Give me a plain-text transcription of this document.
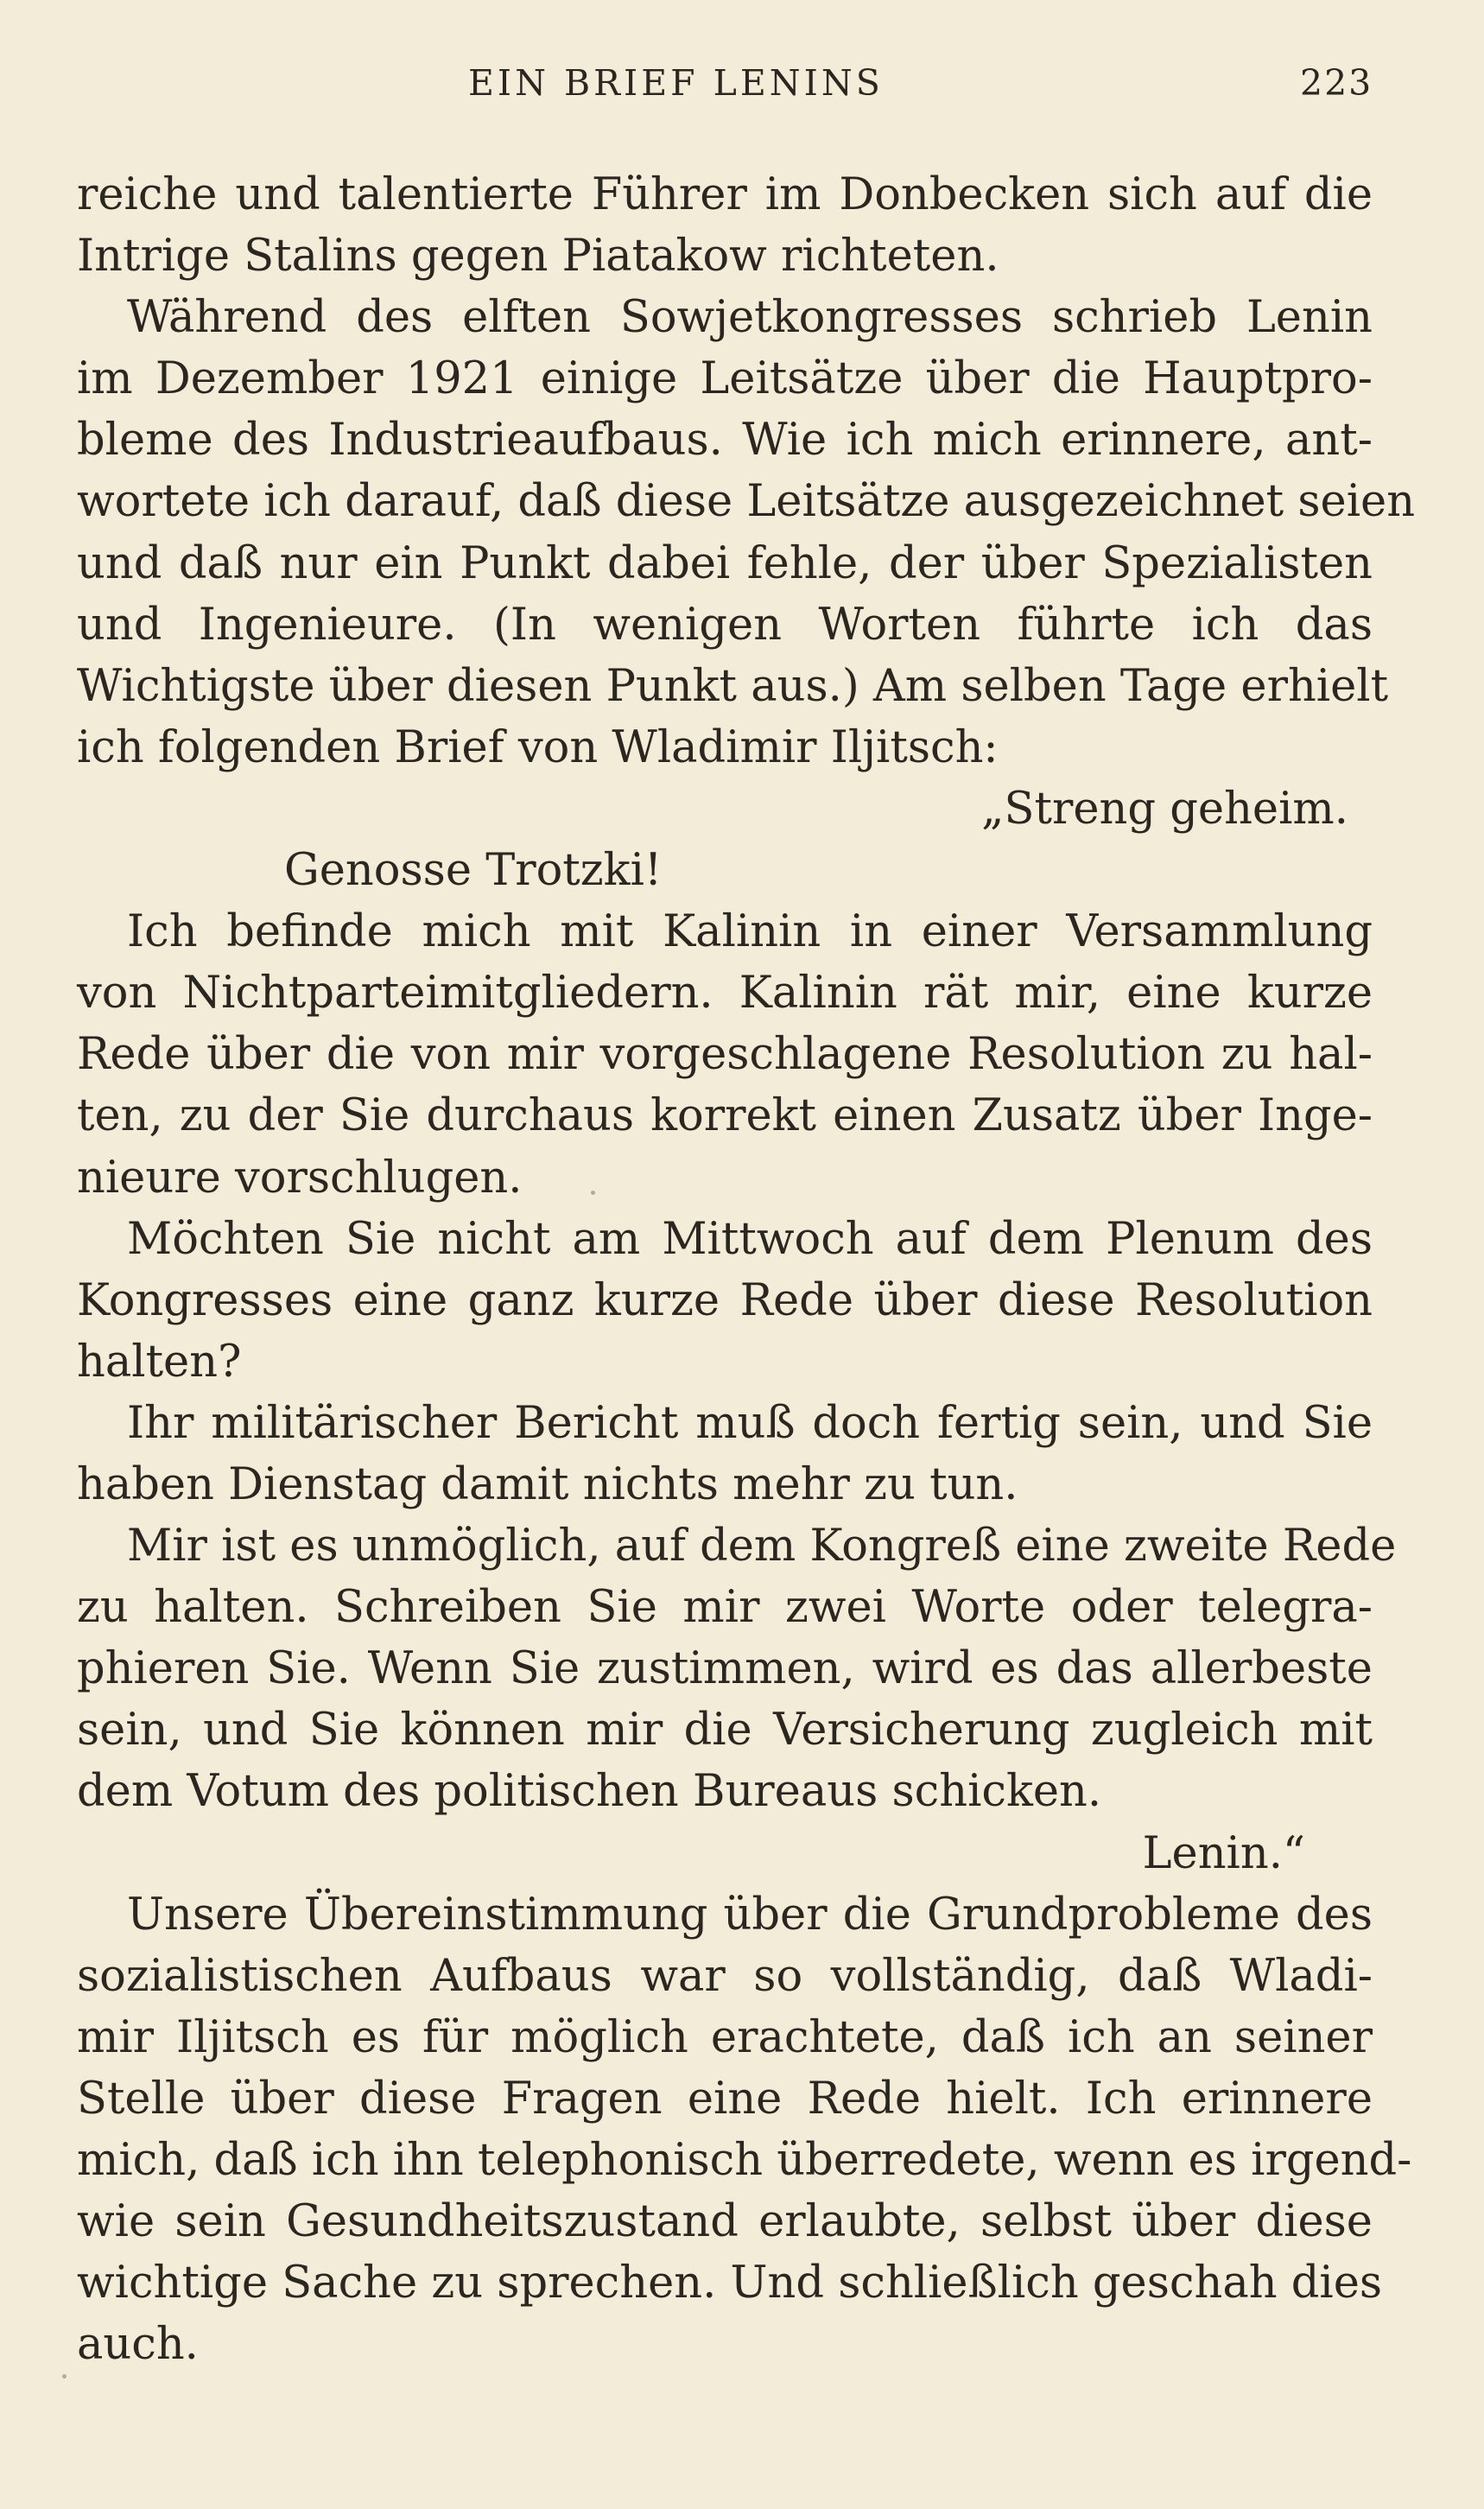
EIN BRIEF LENINS	223
reiche und talentierte Führer im Donbecken sich auf die
Intrige Stalins gegen Piatakow richteten.
Während des elften Sowjetkongresses schrieb Lenin
im Dezember 1921 einige Leitsätze über die Hauptpro-
bleme des Industrieaufbaus. Wie ich mich erinnere, ant-
wortete ich darauf, daß diese Leitsätze ausgezeichnet seien
und daß nur ein Punkt dabei fehle, der über Spezialisten
und Ingenieure. (In wenigen Worten führte ich das
Wichtigste über diesen Punkt aus.) Am selben Tage erhielt
ich folgenden Brief von Wladimir Iljitsch:
„Streng geheim.
Genosse Trotzki!
Ich befinde mich mit Kalinin in einer Versammlung
von Nichtparteimitgliedern. Kalinin rät mir, eine kurze
Rede über die von mir vorgeschlagene Resolution zu hal-
ten, zu der Sie durchaus korrekt einen Zusatz über Inge-
nieure vorschlugen.
Möchten Sie nicht am Mittwoch auf dem Plenum des
Kongresses eine ganz kurze Rede über diese Resolution
halten?
Ihr militärischer Bericht muß doch fertig sein, und Sie
haben Dienstag damit nichts mehr zu tun.
Mir ist es unmöglich, auf dem Kongreß eine zweite Rede
zu halten. Schreiben Sie mir zwei Worte oder telegra-
phieren Sie. Wenn Sie zustimmen, wird es das allerbeste
sein, und Sie können mir die Versicherung zugleich mit
dem Votum des politischen Bureaus schicken.
Lenin.“
Unsere Übereinstimmung über die Grundprobleme des
sozialistischen Aufbaus war so vollständig, daß Wladi-
mir Iljitsch es für möglich erachtete, daß ich an seiner
Stelle über diese Fragen eine Rede hielt. Ich erinnere
mich, daß ich ihn telephonisch überredete, wenn es irgend-
wie sein Gesundheitszustand erlaubte, selbst über diese
wichtige Sache zu sprechen. Und schließlich geschah dies
auch.
